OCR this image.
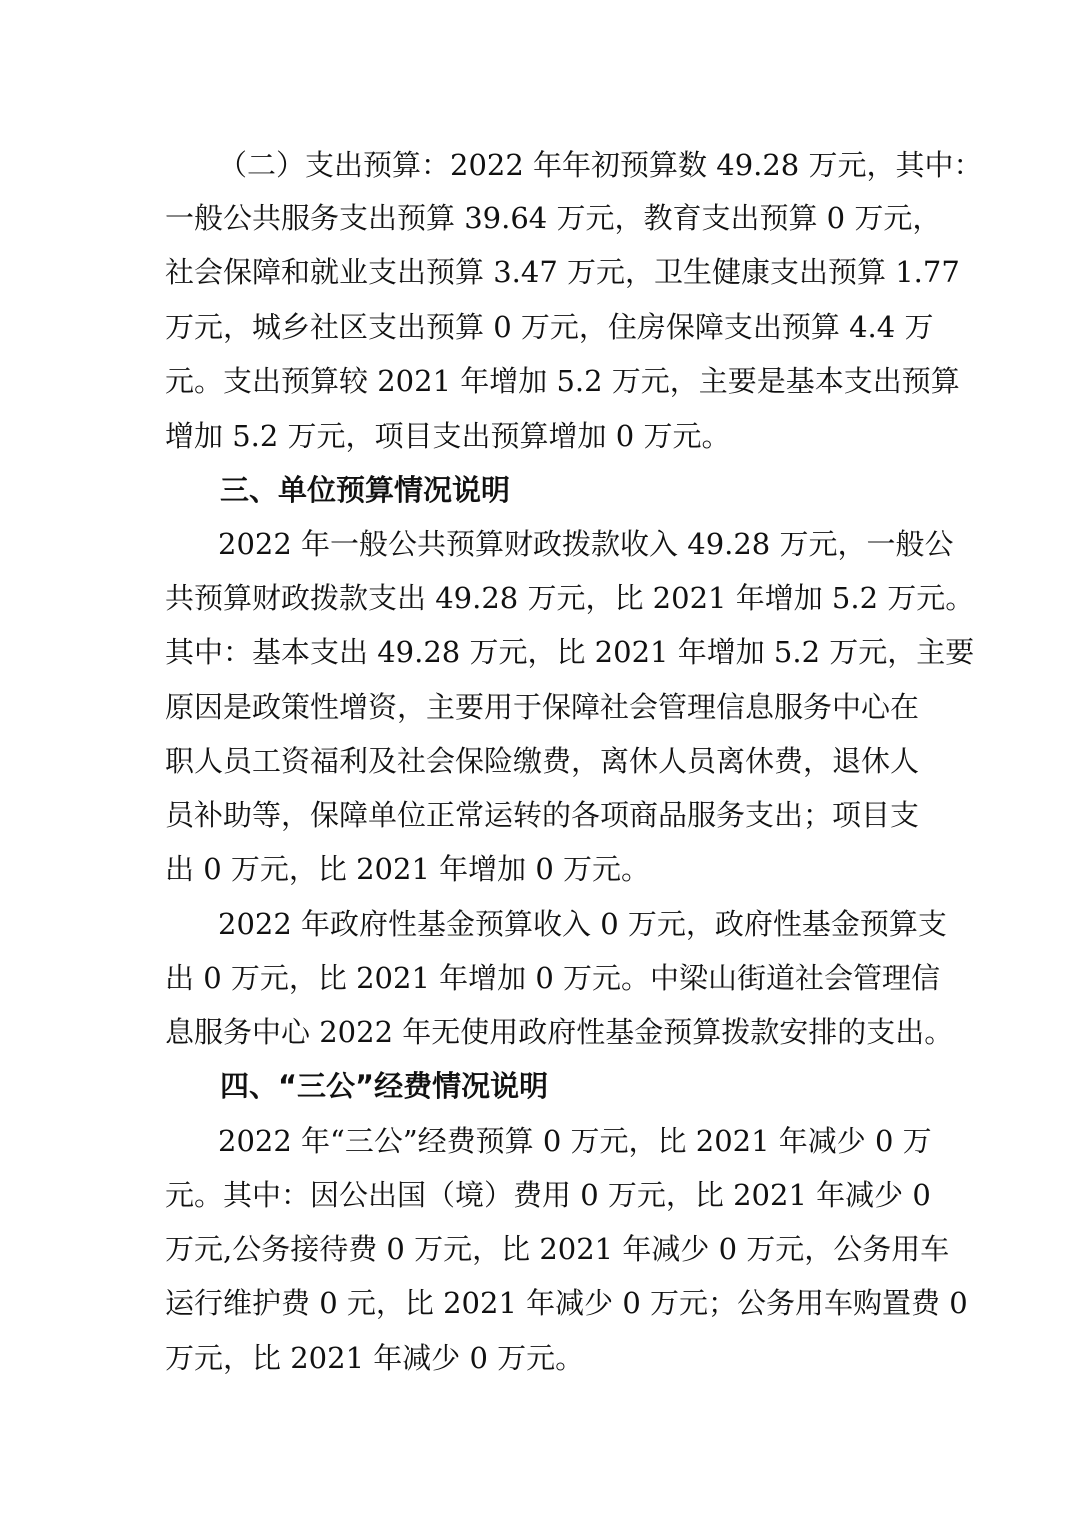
（二）支出预算：2022 年年初预算数 49.28 万元，其中：
一般公共服务支出预算 39.64 万元，教育支出预算 0 万元，
社会保障和就业支出预算 3.47 万元，卫生健康支出预算 1.77
万元，城乡社区支出预算 0 万元，住房保障支出预算 4.4 万
元。支出预算较 2021 年增加 5.2 万元，主要是基本支出预算
增加 5.2 万元，项目支出预算增加 0 万元。
三、单位预算情况说明
2022 年一般公共预算财政拨款收入 49.28 万元，一般公
共预算财政拨款支出 49.28 万元，比 2021 年增加 5.2 万元。
其中：基本支出 49.28 万元，比 2021 年增加 5.2 万元，主要
原因是政策性增资，主要用于保障社会管理信息服务中心在
职人员工资福利及社会保险缴费，离休人员离休费，退休人
员补助等，保障单位正常运转的各项商品服务支出；项目支
出 0 万元，比 2021 年增加 0 万元。
2022 年政府性基金预算收入 0 万元，政府性基金预算支
出 0 万元，比 2021 年增加 0 万元。中梁山街道社会管理信
息服务中心 2022 年无使用政府性基金预算拨款安排的支出。
四、“三公”经费情况说明
2022 年“三公”经费预算 0 万元，比 2021 年减少 0 万
元。其中：因公出国（境）费用 0 万元，比 2021 年减少 0
万元,公务接待费 0 万元，比 2021 年减少 0 万元，公务用车
运行维护费 0 元，比 2021 年减少 0 万元；公务用车购置费 0
万元，比 2021 年减少 0 万元。
